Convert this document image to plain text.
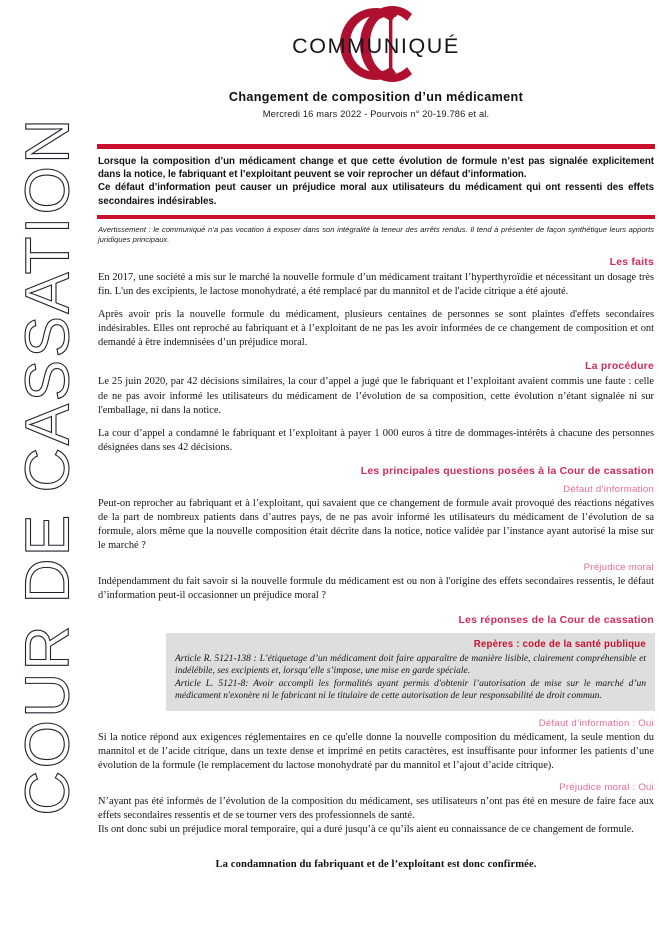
COUR DE CASSATION
COMMUNIQUÉ
Changement de composition d’un médicament
Mercredi 16 mars 2022 - Pourvois n° 20-19.786 et al.

Lorsque la composition d’un médicament change et que cette évolution de formule n’est pas signalée explicitement dans la notice, le fabriquant et l’exploitant peuvent se voir reprocher un défaut d’information.

Ce défaut d’information peut causer un préjudice moral aux utilisateurs du médicament qui ont ressenti des effets secondaires indésirables.

Avertissement : le communiqué n’a pas vocation à exposer dans son intégralité la teneur des arrêts rendus. Il tend à présenter de façon synthétique leurs apports juridiques principaux.

Les faits

En 2017, une société a mis sur le marché la nouvelle formule d’un médicament traitant l’hyperthyroïdie et nécessitant un dosage très fin. L'un des excipients, le lactose monohydraté, a été remplacé par du mannitol et de l'acide citrique a été ajouté.

Après avoir pris la nouvelle formule du médicament, plusieurs centaines de personnes se sont plaintes d'effets secondaires indésirables. Elles ont reproché au fabriquant et à l’exploitant de ne pas les avoir informées de ce changement de composition et ont demandé à être indemnisées d’un préjudice moral.

La procédure

Le 25 juin 2020, par 42 décisions similaires, la cour d’appel a jugé que le fabriquant et l’exploitant avaient commis une faute : celle de ne pas avoir informé les utilisateurs du médicament de l’évolution de sa composition, cette évolution n’étant signalée ni sur l'emballage, ni dans la notice.

La cour d’appel a condamné le fabriquant et l’exploitant à payer 1 000 euros à titre de dommages-intérêts à chacune des personnes désignées dans ses 42 décisions.

Les principales questions posées à la Cour de cassation
Défaut d’information

Peut-on reprocher au fabriquant et à l’exploitant, qui savaient que ce changement de formule avait provoqué des réactions négatives de la part de nombreux patients dans d’autres pays, de ne pas avoir informé les utilisateurs du médicament de l’évolution de sa formule, alors même que la nouvelle composition était décrite dans la notice, notice validée par l’instance ayant autorisé la mise sur le marché ?

Préjudice moral

Indépendamment du fait savoir si la nouvelle formule du médicament est ou non à l'origine des effets secondaires ressentis, le défaut d’information peut-il occasionner un préjudice moral ?

Les réponses de la Cour de cassation
Repères : code de la santé publique

Article R. 5121-138 : L’étiquetage d’un médicament doit faire apparaître de manière lisible, clairement compréhensible et indélébile, ses excipients et, lorsqu’elle s’impose, une mise en garde spéciale.

Article L. 5121-8: Avoir accompli les formalités ayant permis d'obtenir l’autorisation de mise sur le marché d’un médicament n'exonère ni le fabricant ni le titulaire de cette autorisation de leur responsabilité de droit commun.

Défaut d’information : Oui

Si la notice répond aux exigences réglementaires en ce qu'elle donne la nouvelle composition du médicament, la seule mention du mannitol et de l’acide citrique, dans un texte dense et imprimé en petits caractères, est insuffisante pour informer les patients d’une évolution de la formule (le remplacement du lactose monohydraté par du mannitol et l’ajout d’acide citrique).

Préjudice moral : Oui

N’ayant pas été informés de l’évolution de la composition du médicament, ses utilisateurs n’ont pas été en mesure de faire face aux effets secondaires ressentis et de se tourner vers des professionnels de santé.

Ils ont donc subi un préjudice moral temporaire, qui a duré jusqu’à ce qu’ils aient eu connaissance de ce changement de formule.

La condamnation du fabriquant et de l’exploitant est donc confirmée.
